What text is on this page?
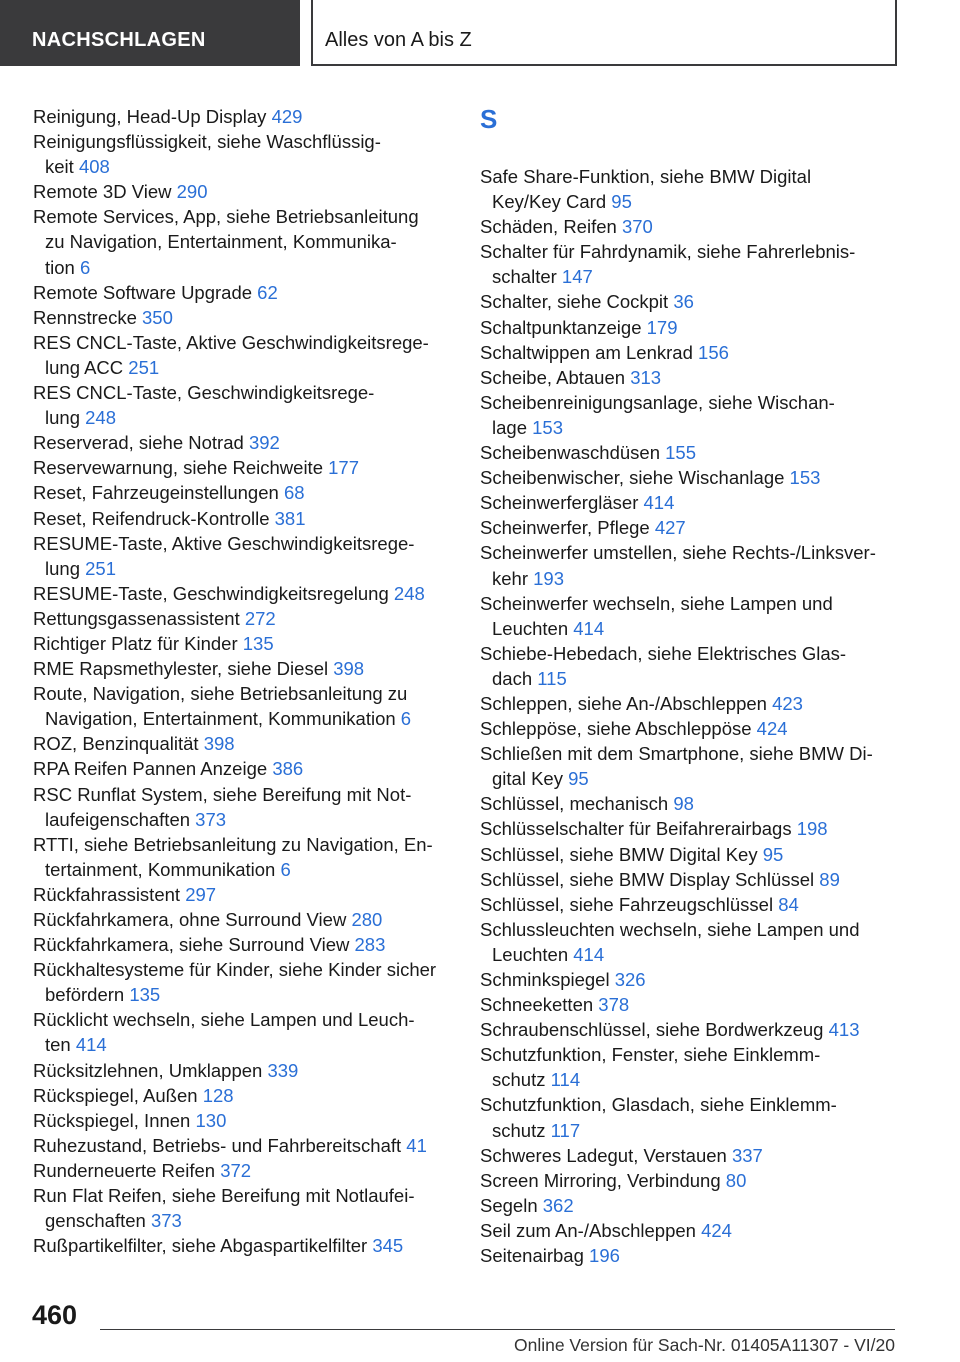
NACHSCHLAGEN	Alles von A bis Z
Reinigung, Head-Up Display 429
Reinigungsflüssigkeit, siehe Waschflüssig-
keit 408
Remote 3D View 290
Remote Services, App, siehe Betriebsanleitung
zu Navigation, Entertainment, Kommunika-
tion 6
Remote Software Upgrade 62
Rennstrecke 350
RES CNCL-Taste, Aktive Geschwindigkeitsrege-
lung ACC 251
RES CNCL-Taste, Geschwindigkeitsrege-
lung 248
Reserverad, siehe Notrad 392
Reservewarnung, siehe Reichweite 177
Reset, Fahrzeugeinstellungen 68
Reset, Reifendruck-Kontrolle 381
RESUME-Taste, Aktive Geschwindigkeitsrege-
lung 251
RESUME-Taste, Geschwindigkeitsregelung 248
Rettungsgassenassistent 272
Richtiger Platz für Kinder 135
RME Rapsmethylester, siehe Diesel 398
Route, Navigation, siehe Betriebsanleitung zu
Navigation, Entertainment, Kommunikation 6
ROZ, Benzinqualität 398
RPA Reifen Pannen Anzeige 386
RSC Runflat System, siehe Bereifung mit Not-
laufeigenschaften 373
RTTI, siehe Betriebsanleitung zu Navigation, En-
tertainment, Kommunikation 6
Rückfahrassistent 297
Rückfahrkamera, ohne Surround View 280
Rückfahrkamera, siehe Surround View 283
Rückhaltesysteme für Kinder, siehe Kinder sicher
befördern 135
Rücklicht wechseln, siehe Lampen und Leuch-
ten 414
Rücksitzlehnen, Umklappen 339
Rückspiegel, Außen 128
Rückspiegel, Innen 130
Ruhezustand, Betriebs- und Fahrbereitschaft 41
Runderneuerte Reifen 372
Run Flat Reifen, siehe Bereifung mit Notlaufei-
genschaften 373
Rußpartikelfilter, siehe Abgaspartikelfilter 345
S
Safe Share-Funktion, siehe BMW Digital
Key/Key Card 95
Schäden, Reifen 370
Schalter für Fahrdynamik, siehe Fahrerlebnis-
schalter 147
Schalter, siehe Cockpit 36
Schaltpunktanzeige 179
Schaltwippen am Lenkrad 156
Scheibe, Abtauen 313
Scheibenreinigungsanlage, siehe Wischan-
lage 153
Scheibenwaschdüsen 155
Scheibenwischer, siehe Wischanlage 153
Scheinwerfergläser 414
Scheinwerfer, Pflege 427
Scheinwerfer umstellen, siehe Rechts-/Linksver-
kehr 193
Scheinwerfer wechseln, siehe Lampen und
Leuchten 414
Schiebe-Hebedach, siehe Elektrisches Glas-
dach 115
Schleppen, siehe An-/Abschleppen 423
Schleppöse, siehe Abschleppöse 424
Schließen mit dem Smartphone, siehe BMW Di-
gital Key 95
Schlüssel, mechanisch 98
Schlüsselschalter für Beifahrerairbags 198
Schlüssel, siehe BMW Digital Key 95
Schlüssel, siehe BMW Display Schlüssel 89
Schlüssel, siehe Fahrzeugschlüssel 84
Schlussleuchten wechseln, siehe Lampen und
Leuchten 414
Schminkspiegel 326
Schneeketten 378
Schraubenschlüssel, siehe Bordwerkzeug 413
Schutzfunktion, Fenster, siehe Einklemm-
schutz 114
Schutzfunktion, Glasdach, siehe Einklemm-
schutz 117
Schweres Ladegut, Verstauen 337
Screen Mirroring, Verbindung 80
Segeln 362
Seil zum An-/Abschleppen 424
Seitenairbag 196
460
Online Version für Sach-Nr. 01405A11307 - VI/20
